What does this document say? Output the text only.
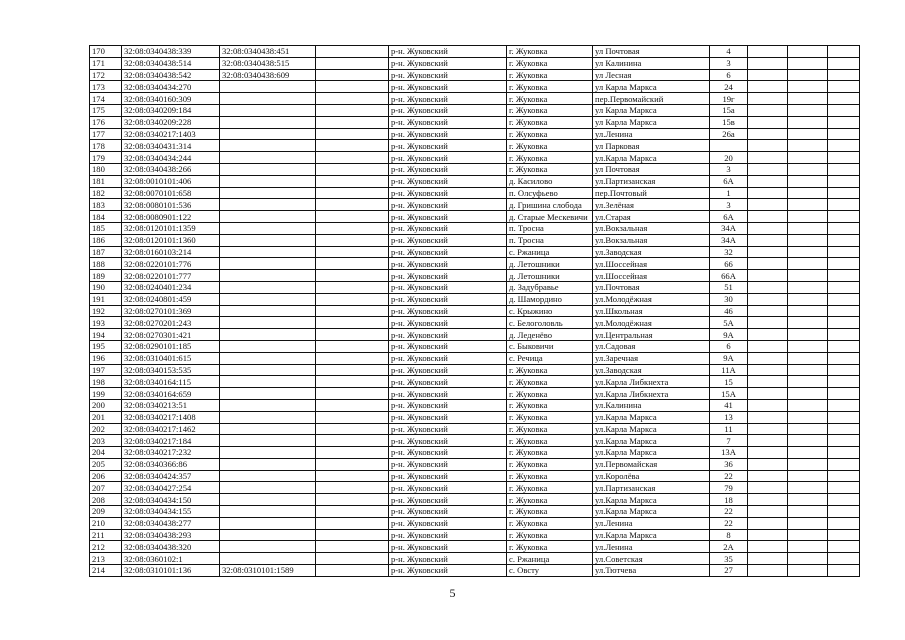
170	32:08:0340438:339	32:08:0340438:451		р-н. Жуковский	г. Жуковка	ул Почтовая	4			
171	32:08:0340438:514	32:08:0340438:515		р-н. Жуковский	г. Жуковка	ул Калинина	3			
172	32:08:0340438:542	32:08:0340438:609		р-н. Жуковский	г. Жуковка	ул Лесная	6			
173	32:08:0340434:270			р-н. Жуковский	г. Жуковка	ул Карла Маркса	24			
174	32:08:0340160:309			р-н. Жуковский	г. Жуковка	пер.Первомайский	19г			
175	32:08:0340209:184			р-н. Жуковский	г. Жуковка	ул Карла Маркса	15а			
176	32:08:0340209:228			р-н. Жуковский	г. Жуковка	ул Карла Маркса	15в			
177	32:08:0340217:1403			р-н. Жуковский	г. Жуковка	ул.Ленина	26а			
178	32:08:0340431:314			р-н. Жуковский	г. Жуковка	ул Парковая				
179	32:08:0340434:244			р-н. Жуковский	г. Жуковка	ул.Карла Маркса	20			
180	32:08:0340438:266			р-н. Жуковский	г. Жуковка	ул Почтовая	3			
181	32:08:0010101:406			р-н. Жуковский	д. Касилово	ул.Партизанская	6А			
182	32:08:0070101:658			р-н. Жуковский	п. Олсуфьево	пер.Почтовый	1			
183	32:08:0080101:536			р-н. Жуковский	д. Гришина слобода	ул.Зелёная	3			
184	32:08:0080901:122			р-н. Жуковский	д. Старые Мескевичи	ул.Старая	6А			
185	32:08:0120101:1359			р-н. Жуковский	п. Тросна	ул.Вокзальная	34А			
186	32:08:0120101:1360			р-н. Жуковский	п. Тросна	ул.Вокзальная	34А			
187	32:08:0160103:214			р-н. Жуковский	с. Ржаница	ул.Заводская	32			
188	32:08:0220101:776			р-н. Жуковский	д. Летошники	ул.Шоссейная	66			
189	32:08:0220101:777			р-н. Жуковский	д. Летошники	ул.Шоссейная	66А			
190	32:08:0240401:234			р-н. Жуковский	д. Задубравье	ул.Почтовая	51			
191	32:08:0240801:459			р-н. Жуковский	д. Шамордино	ул.Молодёжная	30			
192	32:08:0270101:369			р-н. Жуковский	с. Крыжино	ул.Школьная	46			
193	32:08:0270201:243			р-н. Жуковский	с. Белоголовль	ул.Молодёжная	5А			
194	32:08:0270301:421			р-н. Жуковский	д. Леденёво	ул.Центральная	9А			
195	32:08:0290101:185			р-н. Жуковский	с. Быковичи	ул.Садовая	6			
196	32:08:0310401:615			р-н. Жуковский	с. Речица	ул.Заречная	9А			
197	32:08:0340153:535			р-н. Жуковский	г. Жуковка	ул.Заводская	11А			
198	32:08:0340164:115			р-н. Жуковский	г. Жуковка	ул.Карла Либкнехта	15			
199	32:08:0340164:659			р-н. Жуковский	г. Жуковка	ул.Карла Либкнехта	15А			
200	32:08:0340213:51			р-н. Жуковский	г. Жуковка	ул.Калинина	41			
201	32:08:0340217:1408			р-н. Жуковский	г. Жуковка	ул.Карла Маркса	13			
202	32:08:0340217:1462			р-н. Жуковский	г. Жуковка	ул.Карла Маркса	11			
203	32:08:0340217:184			р-н. Жуковский	г. Жуковка	ул.Карла Маркса	7			
204	32:08:0340217:232			р-н. Жуковский	г. Жуковка	ул.Карла Маркса	13А			
205	32:08:0340366:86			р-н. Жуковский	г. Жуковка	ул.Первомайская	36			
206	32:08:0340424:357			р-н. Жуковский	г. Жуковка	ул.Королёва	22			
207	32:08:0340427:254			р-н. Жуковский	г. Жуковка	ул.Партизанская	79			
208	32:08:0340434:150			р-н. Жуковский	г. Жуковка	ул.Карла Маркса	18			
209	32:08:0340434:155			р-н. Жуковский	г. Жуковка	ул.Карла Маркса	22			
210	32:08:0340438:277			р-н. Жуковский	г. Жуковка	ул.Ленина	22			
211	32:08:0340438:293			р-н. Жуковский	г. Жуковка	ул.Карла Маркса	8			
212	32:08:0340438:320			р-н. Жуковский	г. Жуковка	ул.Ленина	2А			
213	32:08:0360102:1			р-н. Жуковский	с. Ржаница	ул.Советская	35			
214	32:08:0310101:136	32:08:0310101:1589		р-н. Жуковский	с. Овсту	ул.Тютчева	27			
5
